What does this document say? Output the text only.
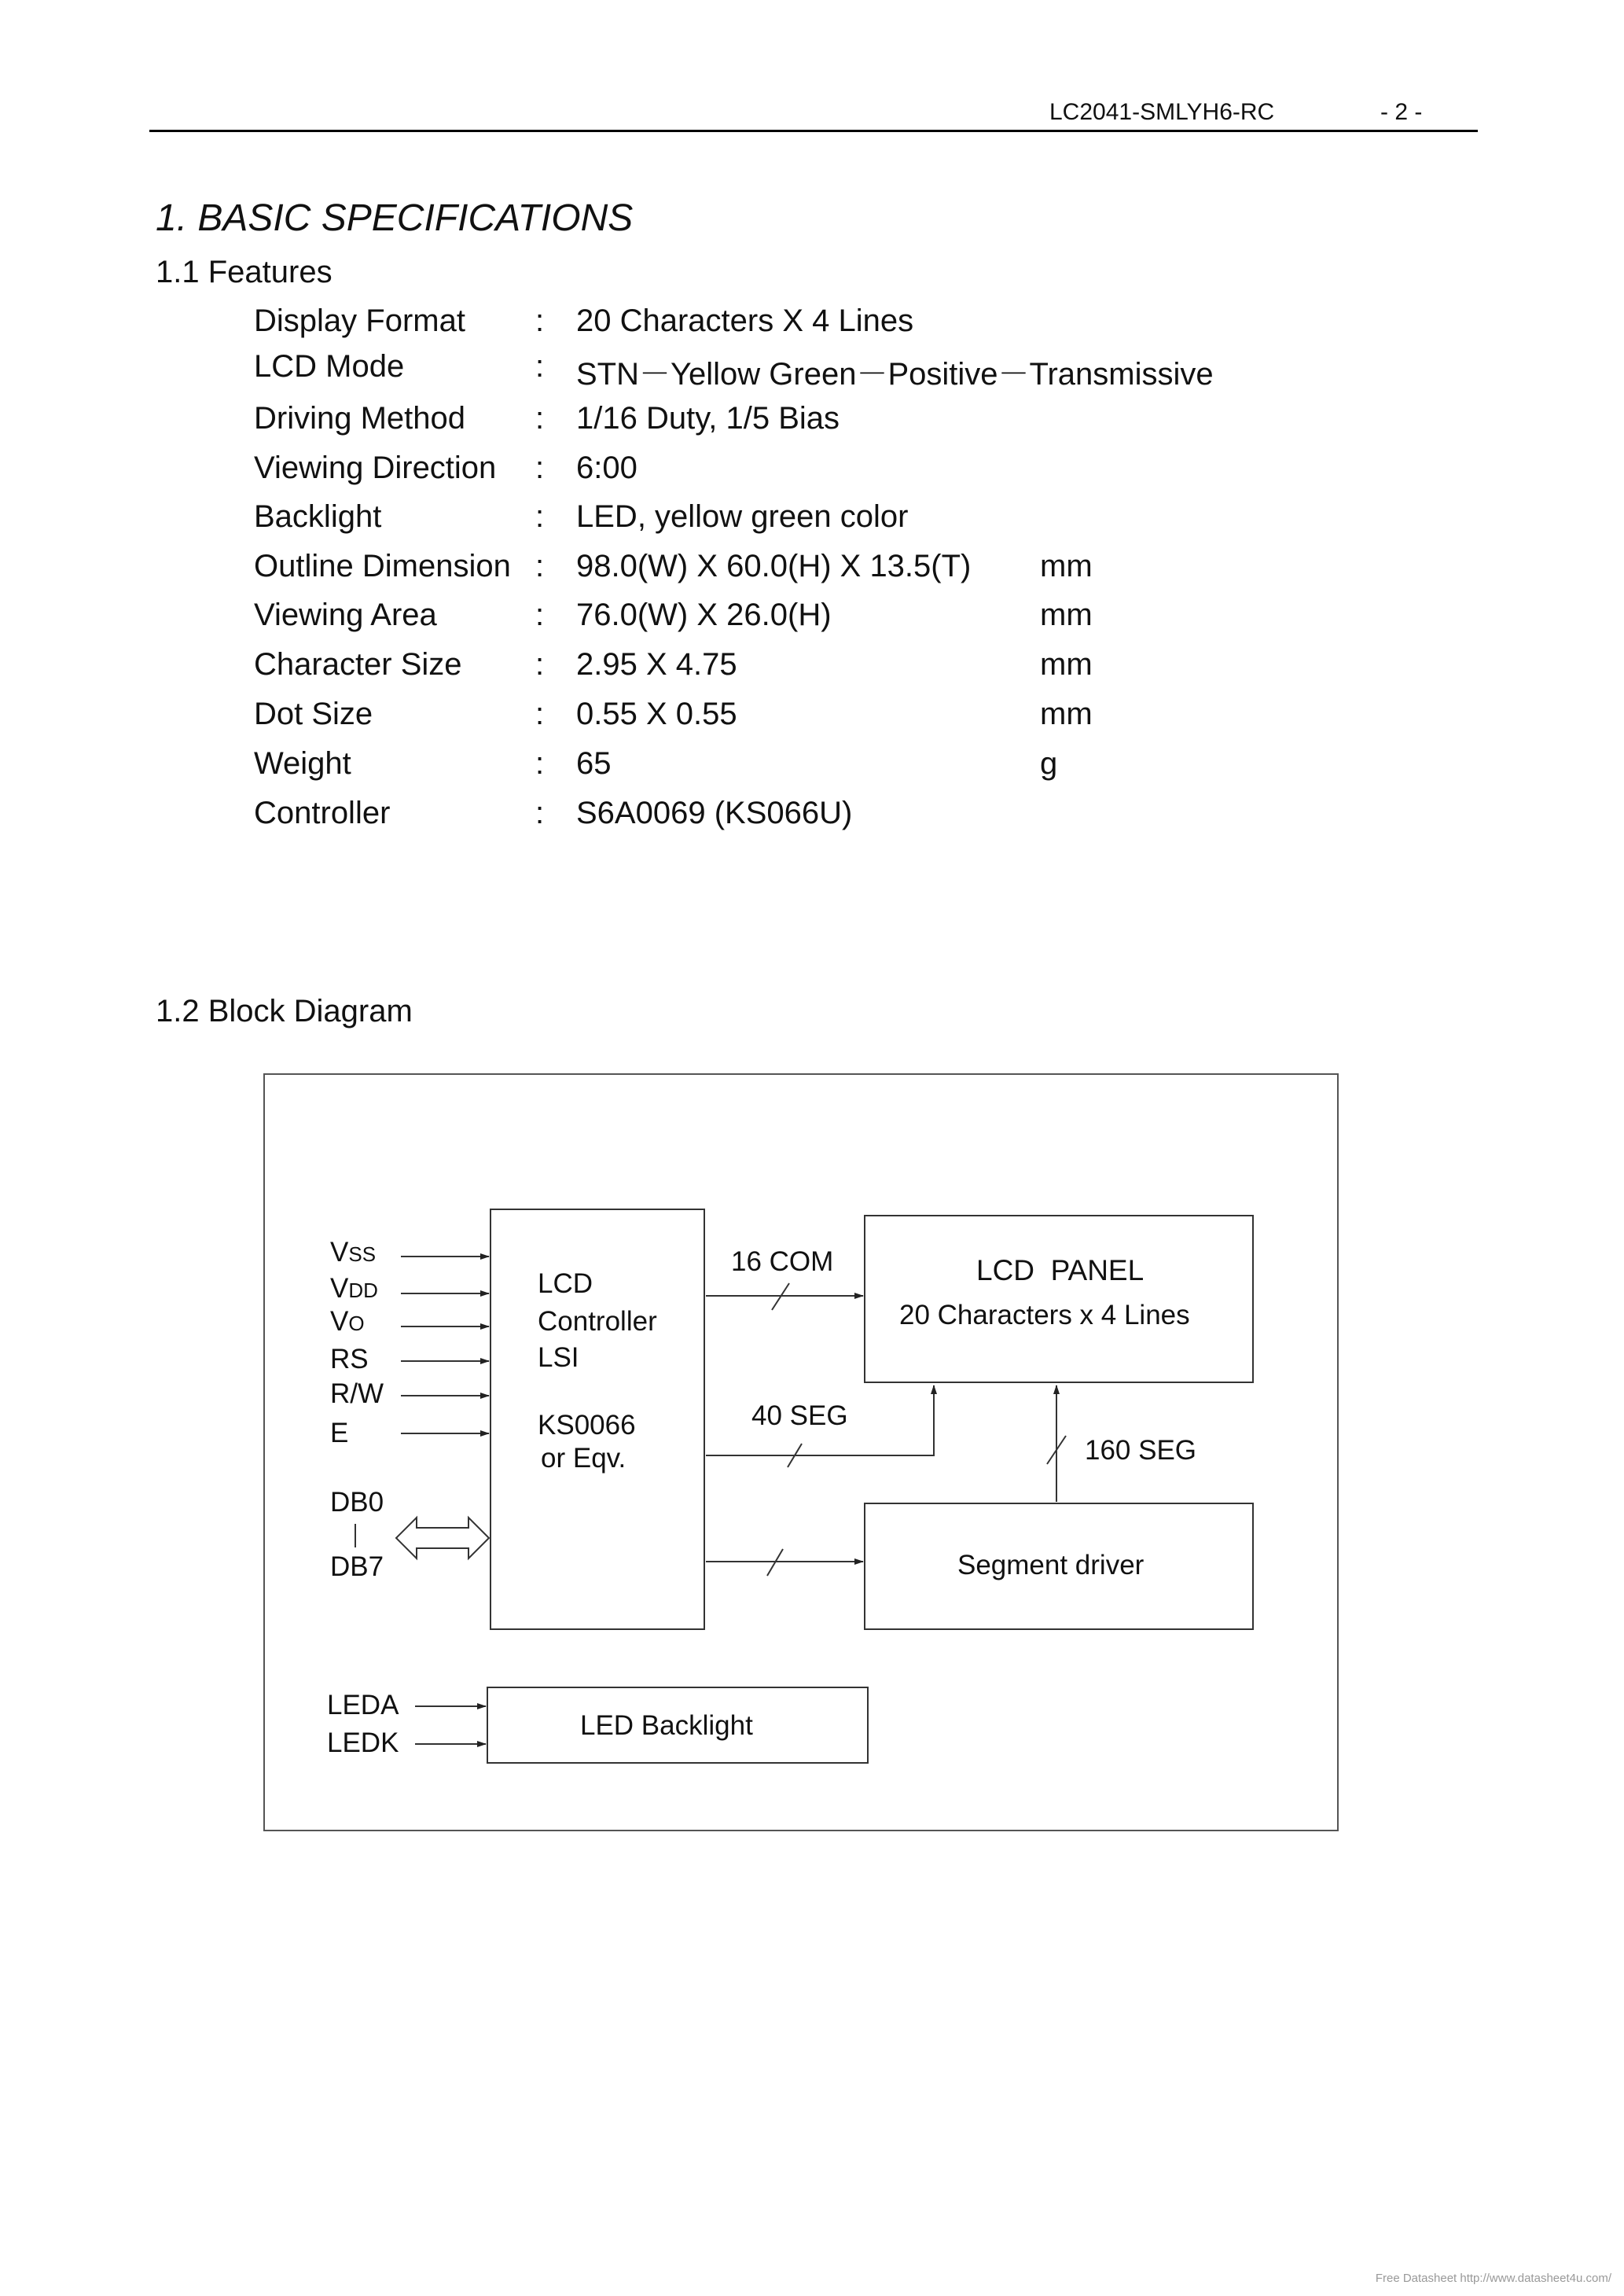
LC2041-SMLYH6-RC	- 2 -
1. BASIC SPECIFICATIONS
1.1 Features
Display Format : 20 Characters X 4 Lines
LCD Mode	: STN－Yellow Green－Positive－Transmissive
Driving Method : 1/16 Duty, 1/5 Bias
Viewing Direction : 6:00
Backlight	: LED, yellow green color
Outline Dimension : 98.0(W) X 60.0(H) X 13.5(T) mm
Viewing Area	: 76.0(W) X 26.0(H)	mm
Character Size : 2.95 X 4.75	mm
Dot Size	: 0.55 X 0.55	mm
Weight	: 65	g
Controller	: S6A0069 (KS066U)
1.2 Block Diagram
VSS
VDD
VO
RS
R/W
E
DB0
DB7
LEDA
LEDK
LCD
Controller
LSI
KS0066
or Eqv.
LCD  PANEL
20 Characters x 4 Lines
16 COM
40 SEG
160 SEG
Segment driver
LED Backlight
Free Datasheet http://www.datasheet4u.com/
